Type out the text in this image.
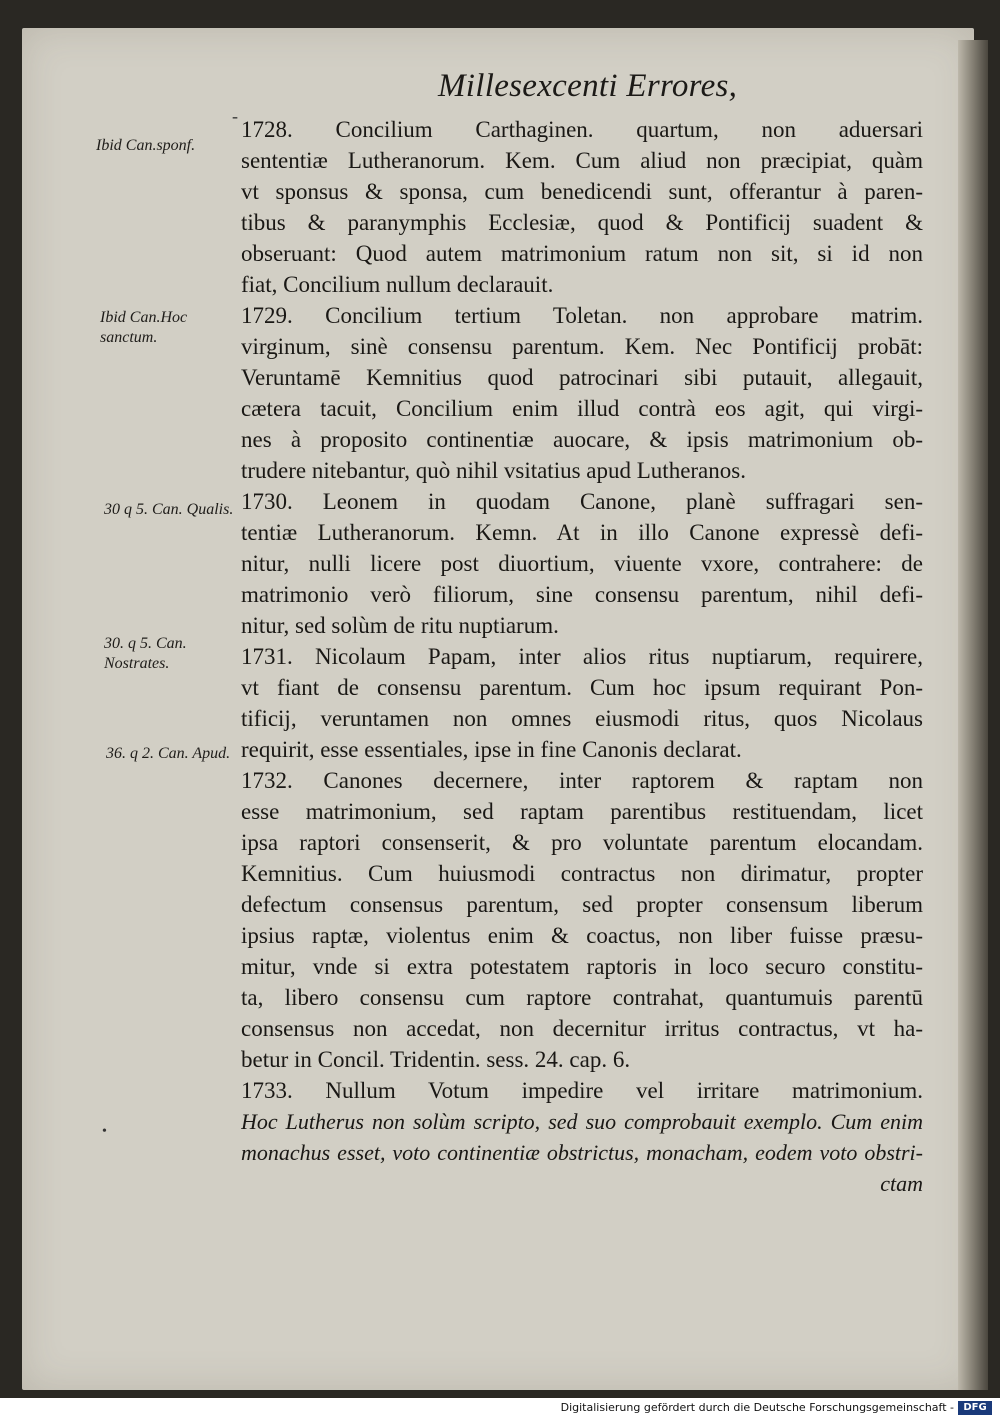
Millesexcenti Errores,
-
Ibid Can.sponf.
Ibid Can.Hoc sanctum.
30 q 5. Can. Qualis.
30. q 5. Can. Nostrates.
36. q 2. Can. Apud.
1728. Concilium Carthaginen. quartum, non aduersari
sententiæ Lutheranorum. Kem. Cum aliud non præcipiat, quàm
vt sponsus & sponsa, cum benedicendi sunt, offerantur à paren-
tibus & paranymphis Ecclesiæ, quod & Pontificij suadent &
obseruant: Quod autem matrimonium ratum non sit, si id non
fiat, Concilium nullum declarauit.
1729. Concilium tertium Toletan. non approbare matrim.
virginum, sinè consensu parentum. Kem. Nec Pontificij probāt:
Veruntamē Kemnitius quod patrocinari sibi putauit, allegauit,
cætera tacuit, Concilium enim illud contrà eos agit, qui virgi-
nes à proposito continentiæ auocare, & ipsis matrimonium ob-
trudere nitebantur, quò nihil vsitatius apud Lutheranos.
1730. Leonem in quodam Canone, planè suffragari sen-
tentiæ Lutheranorum. Kemn. At in illo Canone expressè defi-
nitur, nulli licere post diuortium, viuente vxore, contrahere: de
matrimonio verò filiorum, sine consensu parentum, nihil defi-
nitur, sed solùm de ritu nuptiarum.
1731. Nicolaum Papam, inter alios ritus nuptiarum, requirere,
vt fiant de consensu parentum. Cum hoc ipsum requirant Pon-
tificij, veruntamen non omnes eiusmodi ritus, quos Nicolaus
requirit, esse essentiales, ipse in fine Canonis declarat.
1732. Canones decernere, inter raptorem & raptam non
esse matrimonium, sed raptam parentibus restituendam, licet
ipsa raptori consenserit, & pro voluntate parentum elocandam.
Kemnitius. Cum huiusmodi contractus non dirimatur, propter
defectum consensus parentum, sed propter consensum liberum
ipsius raptæ, violentus enim & coactus, non liber fuisse præsu-
mitur, vnde si extra potestatem raptoris in loco securo constitu-
ta, libero consensu cum raptore contrahat, quantumuis parentū
consensus non accedat, non decernitur irritus contractus, vt ha-
betur in Concil. Tridentin. sess. 24. cap. 6.
1733. Nullum Votum impedire vel irritare matrimonium.
Hoc Lutherus non solùm scripto, sed suo comprobauit exemplo. Cum enim
monachus esset, voto continentiæ obstrictus, monacham, eodem voto obstri-
ctam
•
Digitalisierung gefördert durch die Deutsche Forschungsgemeinschaft - DFG
